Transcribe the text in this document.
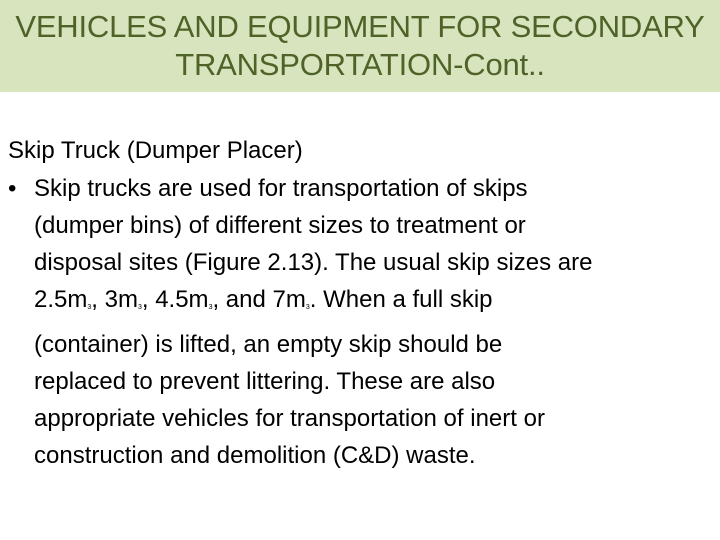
VEHICLES AND EQUIPMENT FOR SECONDARY
TRANSPORTATION-Cont..
Skip Truck (Dumper Placer)
• Skip trucks are used for transportation of skips
(dumper bins) of different sizes to treatment or
disposal sites (Figure 2.13). The usual skip sizes are
$2.5m_3$, $3m_3$, $4.5m_3$, and $7m_3$. When a full skip
(container) is lifted, an empty skip should be
replaced to prevent littering. These are also
appropriate vehicles for transportation of inert or
construction and demolition (C&D) waste.
